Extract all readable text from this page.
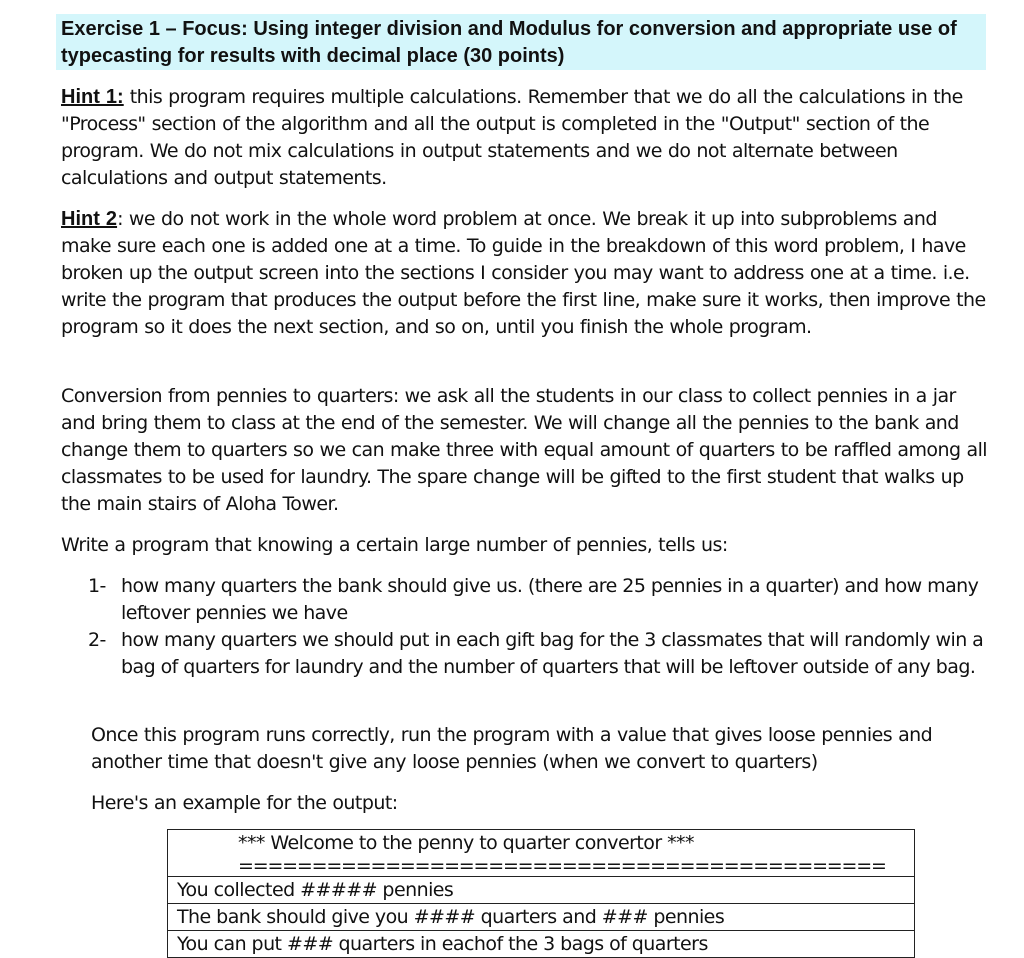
Exercise 1 – Focus: Using integer division and Modulus for conversion and appropriate use of typecasting for results with decimal place (30 points)

Hint 1: this program requires multiple calculations. Remember that we do all the calculations in the "Process" section of the algorithm and all the output is completed in the "Output" section of the program. We do not mix calculations in output statements and we do not alternate between calculations and output statements.

Hint 2: we do not work in the whole word problem at once. We break it up into subproblems and make sure each one is added one at a time. To guide in the breakdown of this word problem, I have broken up the output screen into the sections I consider you may want to address one at a time. i.e. write the program that produces the output before the first line, make sure it works, then improve the program so it does the next section, and so on, until you finish the whole program.

Conversion from pennies to quarters: we ask all the students in our class to collect pennies in a jar and bring them to class at the end of the semester. We will change all the pennies to the bank and change them to quarters so we can make three with equal amount of quarters to be raffled among all classmates to be used for laundry. The spare change will be gifted to the first student that walks up the main stairs of Aloha Tower.

Write a program that knowing a certain large number of pennies, tells us:

1- how many quarters the bank should give us. (there are 25 pennies in a quarter) and how many leftover pennies we have

2- how many quarters we should put in each gift bag for the 3 classmates that will randomly win a bag of quarters for laundry and the number of quarters that will be leftover outside of any bag.

Once this program runs correctly, run the program with a value that gives loose pennies and another time that doesn't give any loose pennies (when we convert to quarters)

Here's an example for the output:

*** Welcome to the penny to quarter convertor ***
============================================

You collected ##### pennies
The bank should give you #### quarters and ### pennies
You can put ### quarters in eachof the 3 bags of quarters
